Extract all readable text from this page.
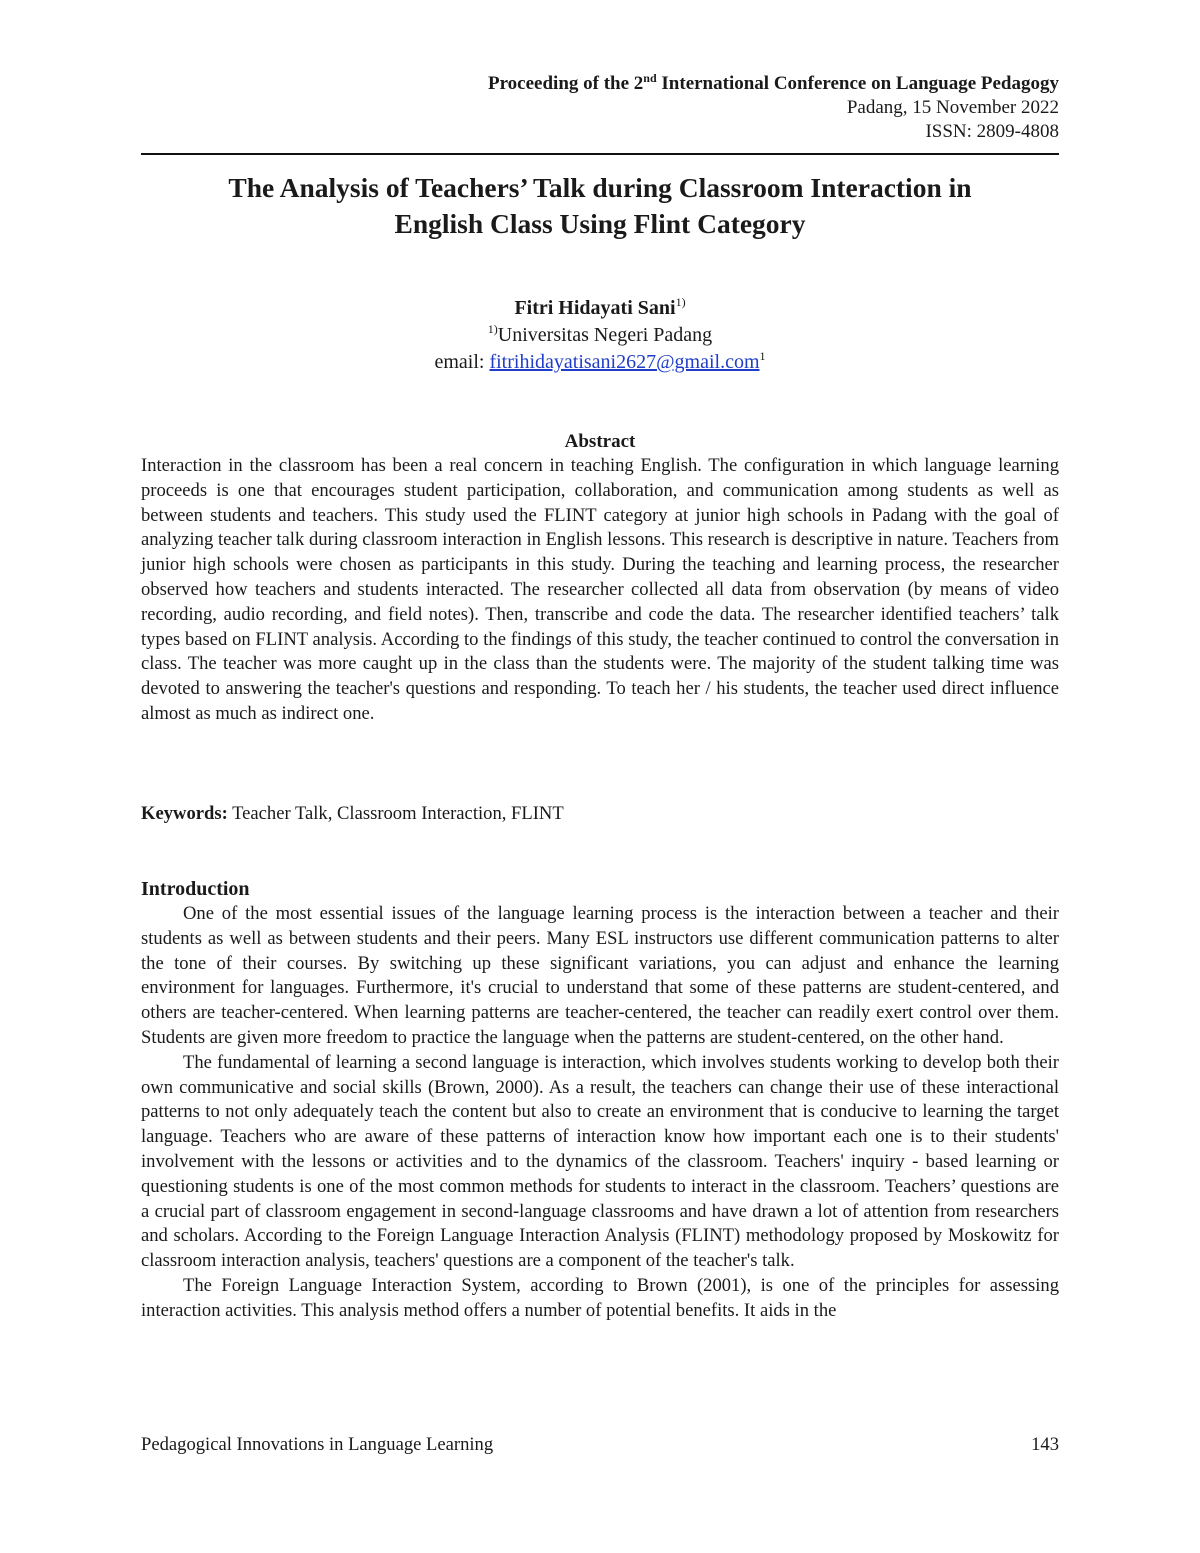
Proceeding of the 2nd International Conference on Language Pedagogy
Padang, 15 November 2022
ISSN: 2809-4808
The Analysis of Teachers’ Talk during Classroom Interaction in
English Class Using Flint Category
Fitri Hidayati Sani$^{1)}$
$^{1)}$Universitas Negeri Padang
email: fitrihidayatisani2627@gmail.com$^1$
Abstract

Interaction in the classroom has been a real concern in teaching English. The configuration in which language learning proceeds is one that encourages student participation, collaboration, and communication among students as well as between students and teachers. This study used the FLINT category at junior high schools in Padang with the goal of analyzing teacher talk during classroom interaction in English lessons. This research is descriptive in nature. Teachers from junior high schools were chosen as participants in this study. During the teaching and learning process, the researcher observed how teachers and students interacted. The researcher collected all data from observation (by means of video recording, audio recording, and field notes). Then, transcribe and code the data. The researcher identified teachers’ talk types based on FLINT analysis. According to the findings of this study, the teacher continued to control the conversation in class. The teacher was more caught up in the class than the students were. The majority of the student talking time was devoted to answering the teacher's questions and responding. To teach her / his students, the teacher used direct influence almost as much as indirect one.

Keywords: Teacher Talk, Classroom Interaction, FLINT

Introduction

One of the most essential issues of the language learning process is the interaction between a teacher and their students as well as between students and their peers. Many ESL instructors use different communication patterns to alter the tone of their courses. By switching up these significant variations, you can adjust and enhance the learning environment for languages. Furthermore, it's crucial to understand that some of these patterns are student-centered, and others are teacher-centered. When learning patterns are teacher-centered, the teacher can readily exert control over them. Students are given more freedom to practice the language when the patterns are student-centered, on the other hand.

The fundamental of learning a second language is interaction, which involves students working to develop both their own communicative and social skills (Brown, 2000). As a result, the teachers can change their use of these interactional patterns to not only adequately teach the content but also to create an environment that is conducive to learning the target language. Teachers who are aware of these patterns of interaction know how important each one is to their students' involvement with the lessons or activities and to the dynamics of the classroom. Teachers' inquiry - based learning or questioning students is one of the most common methods for students to interact in the classroom. Teachers’ questions are a crucial part of classroom engagement in second-language classrooms and have drawn a lot of attention from researchers and scholars. According to the Foreign Language Interaction Analysis (FLINT) methodology proposed by Moskowitz for classroom interaction analysis, teachers' questions are a component of the teacher's talk.

The Foreign Language Interaction System, according to Brown (2001), is one of the principles for assessing interaction activities. This analysis method offers a number of potential benefits. It aids in the

Pedagogical Innovations in Language Learning	143
